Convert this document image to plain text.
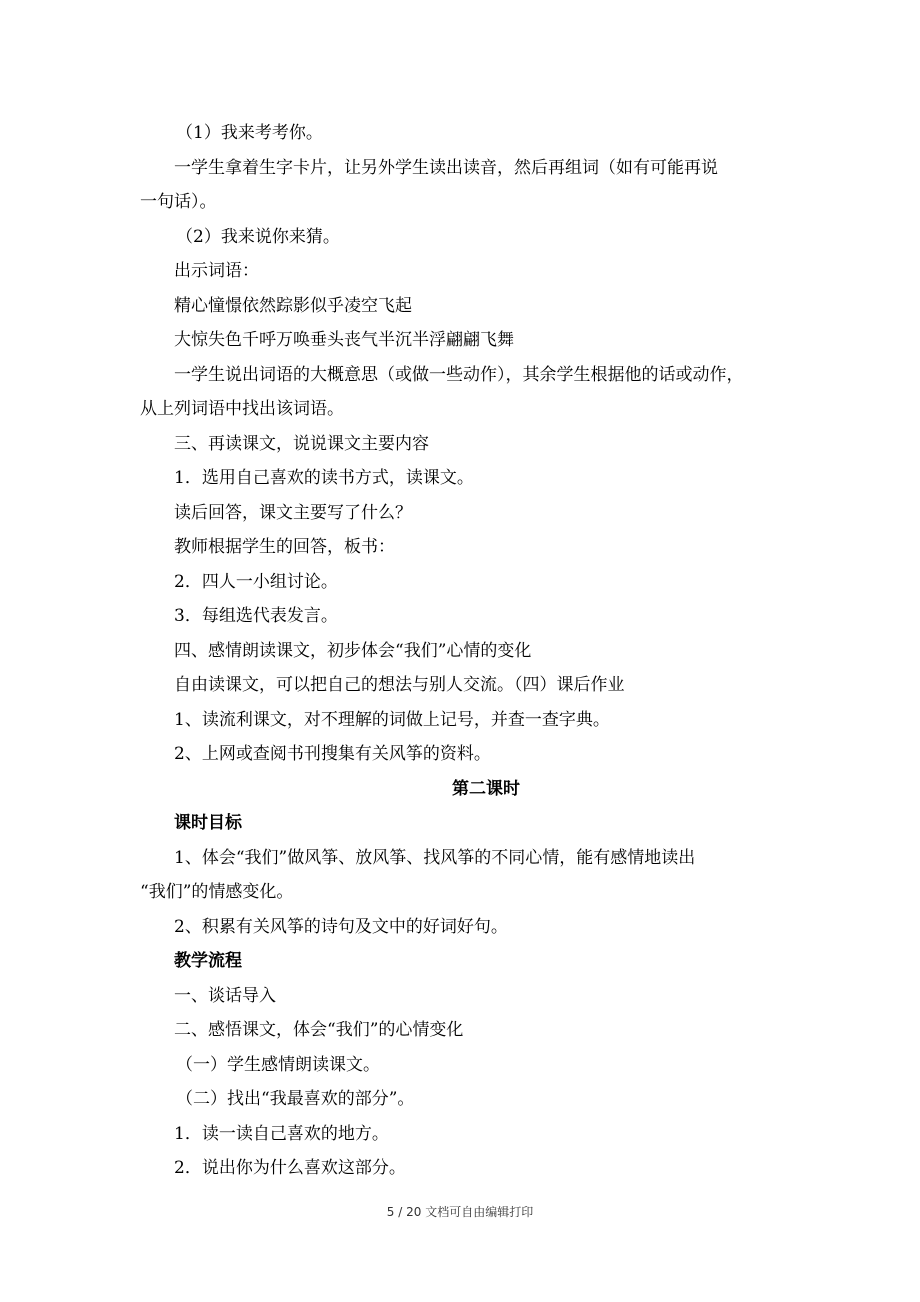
（1）我来考考你。
一学生拿着生字卡片，让另外学生读出读音，然后再组词（如有可能再说
一句话）。
（2）我来说你来猜。
出示词语：
精心憧憬依然踪影似乎凌空飞起
大惊失色千呼万唤垂头丧气半沉半浮翩翩飞舞
一学生说出词语的大概意思（或做一些动作），其余学生根据他的话或动作，
从上列词语中找出该词语。
三、再读课文，说说课文主要内容
1．选用自己喜欢的读书方式，读课文。
读后回答，课文主要写了什么？
教师根据学生的回答，板书：
2．四人一小组讨论。
3．每组选代表发言。
四、感情朗读课文，初步体会“我们”心情的变化
自由读课文，可以把自己的想法与别人交流。（四）课后作业
1、读流利课文，对不理解的词做上记号，并查一查字典。
2、上网或查阅书刊搜集有关风筝的资料。
第二课时
课时目标
1、体会“我们”做风筝、放风筝、找风筝的不同心情，能有感情地读出
“我们”的情感变化。
2、积累有关风筝的诗句及文中的好词好句。
教学流程
一、谈话导入
二、感悟课文，体会“我们”的心情变化
（一）学生感情朗读课文。
（二）找出“我最喜欢的部分”。
1．读一读自己喜欢的地方。
2．说出你为什么喜欢这部分。
5 / 20 文档可自由编辑打印
